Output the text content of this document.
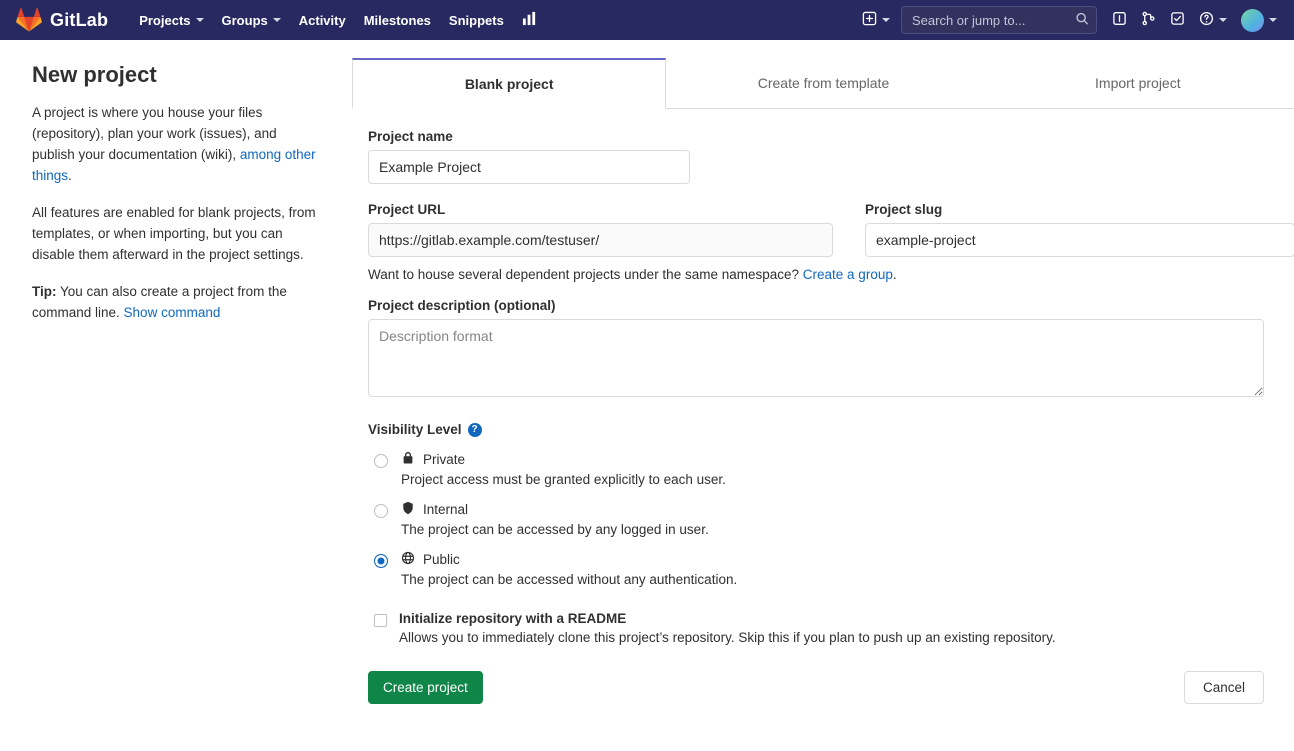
GitLab Projects Groups Activity Milestones Snippets
Search or jump to...
New project

A project is where you house your files (repository), plan your work (issues), and publish your documentation (wiki), among other things.

All features are enabled for blank projects, from templates, or when importing, but you can disable them afterward in the project settings.

Tip: You can also create a project from the command line. Show command

Blank project	Create from template	Import project
Project name
Example Project
Project URL
https://gitlab.example.com/testuser/	Project slug
example-project
Want to house several dependent projects under the same namespace? Create a group.
Project description (optional)
Description format
Visibility Level ?
Private
Project access must be granted explicitly to each user.
Internal
The project can be accessed by any logged in user.
Public
The project can be accessed without any authentication.
Initialize repository with a README
Allows you to immediately clone this project’s repository. Skip this if you plan to push up an existing repository.
Create project	Cancel
